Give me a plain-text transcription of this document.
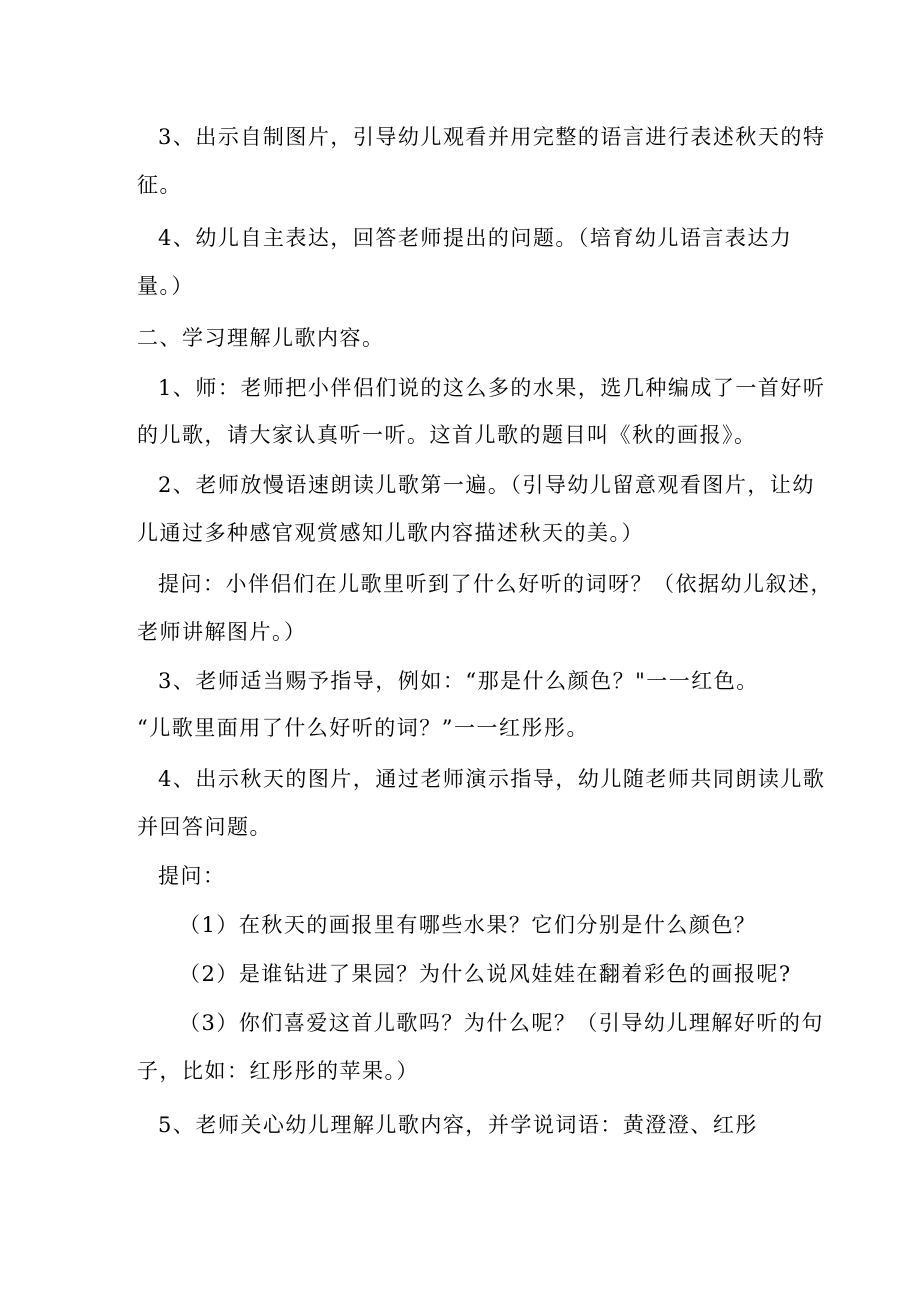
3、出示自制图片，引导幼儿观看并用完整的语言进行表述秋天的特
征。
4、幼儿自主表达，回答老师提出的问题。（培育幼儿语言表达力
量。）
二、学习理解儿歌内容。
1、师：老师把小伴侣们说的这么多的水果，选几种编成了一首好听
的儿歌，请大家认真听一听。这首儿歌的题目叫《秋的画报》。
2、老师放慢语速朗读儿歌第一遍。（引导幼儿留意观看图片，让幼
儿通过多种感官观赏感知儿歌内容描述秋天的美。）
提问：小伴侣们在儿歌里听到了什么好听的词呀？（依据幼儿叙述，
老师讲解图片。）
3、老师适当赐予指导，例如：“那是什么颜色？"一一红色。
“儿歌里面用了什么好听的词？”一一红彤彤。
4、出示秋天的图片，通过老师演示指导，幼儿随老师共同朗读儿歌
并回答问题。
提问：
（1）在秋天的画报里有哪些水果？它们分别是什么颜色？
（2）是谁钻进了果园？为什么说风娃娃在翻着彩色的画报呢?
（3）你们喜爱这首儿歌吗？为什么呢？（引导幼儿理解好听的句
子，比如：红彤彤的苹果。）
5、老师关心幼儿理解儿歌内容，并学说词语：黄澄澄、红彤
